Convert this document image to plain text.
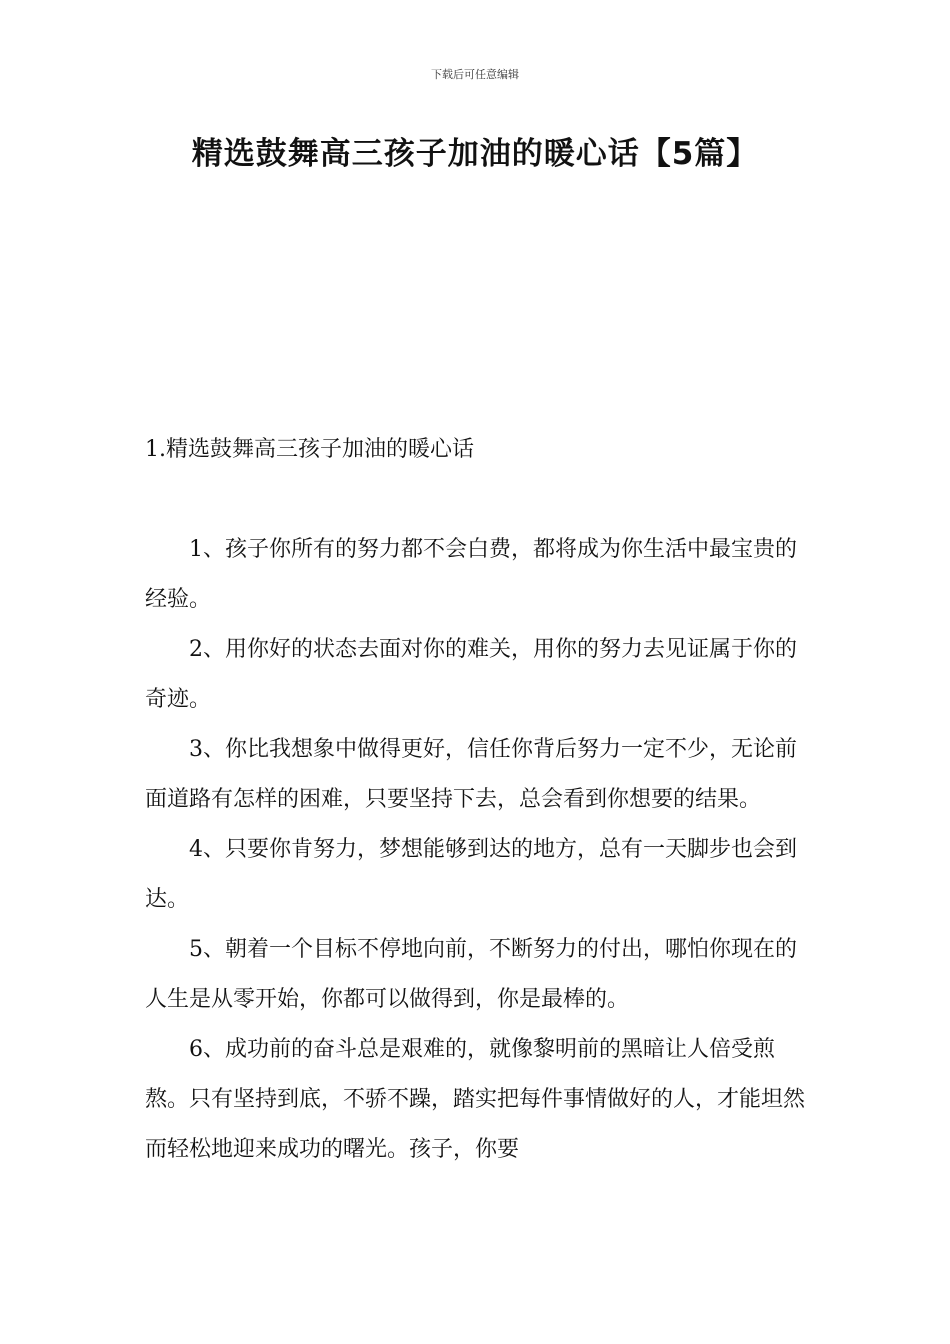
下载后可任意编辑
精选鼓舞高三孩子加油的暖心话【5篇】
1.精选鼓舞高三孩子加油的暖心话

1、孩子你所有的努力都不会白费，都将成为你生活中最宝贵的经验。

2、用你好的状态去面对你的难关，用你的努力去见证属于你的奇迹。

3、你比我想象中做得更好，信任你背后努力一定不少，无论前面道路有怎样的困难，只要坚持下去，总会看到你想要的结果。

4、只要你肯努力，梦想能够到达的地方，总有一天脚步也会到达。

5、朝着一个目标不停地向前，不断努力的付出，哪怕你现在的人生是从零开始，你都可以做得到，你是最棒的。

6、成功前的奋斗总是艰难的，就像黎明前的黑暗让人倍受煎熬。只有坚持到底，不骄不躁，踏实把每件事情做好的人，才能坦然而轻松地迎来成功的曙光。孩子，你要
